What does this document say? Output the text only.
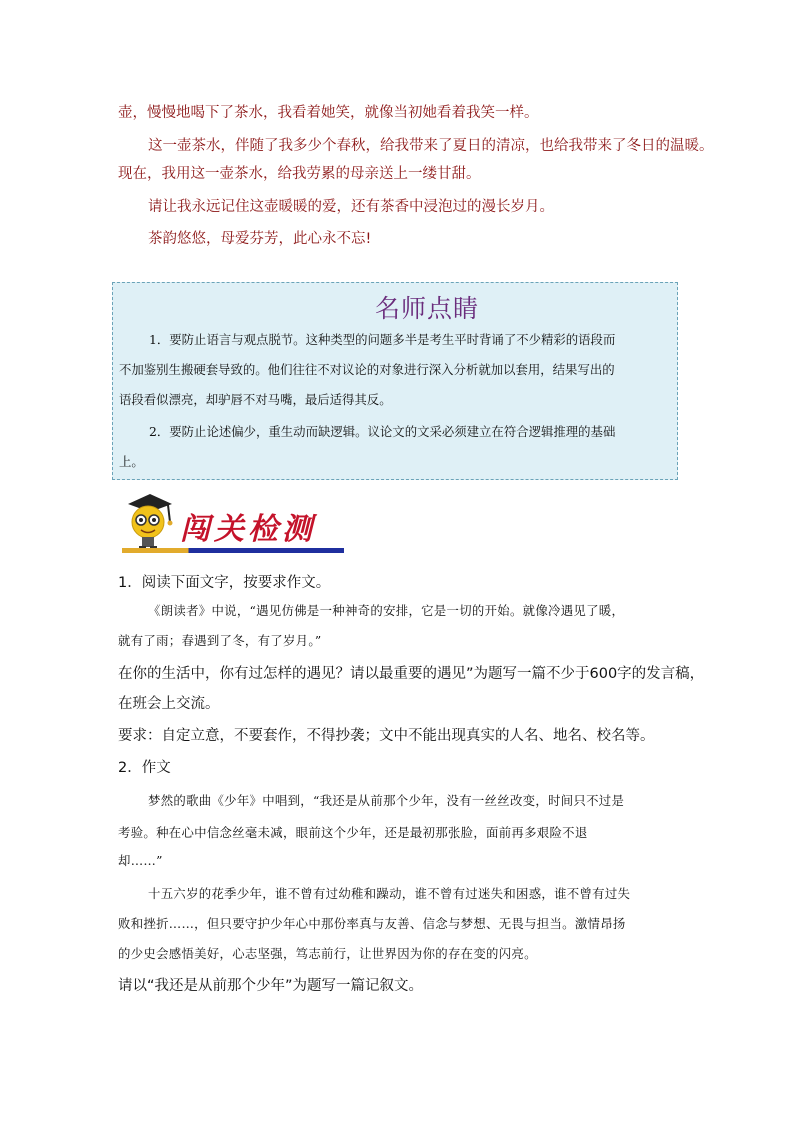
壶，慢慢地喝下了茶水，我看着她笑，就像当初她看着我笑一样。

这一壶茶水，伴随了我多少个春秋，给我带来了夏日的清凉，也给我带来了冬日的温暖。

现在，我用这一壶茶水，给我劳累的母亲送上一缕甘甜。

请让我永远记住这壶暖暖的爱，还有茶香中浸泡过的漫长岁月。

茶韵悠悠，母爱芬芳，此心永不忘!

名师点睛

1．要防止语言与观点脱节。这种类型的问题多半是考生平时背诵了不少精彩的语段而

不加鉴别生搬硬套导致的。他们往往不对议论的对象进行深入分析就加以套用，结果写出的

语段看似漂亮，却驴唇不对马嘴，最后适得其反。

2．要防止论述偏少，重生动而缺逻辑。议论文的文采必须建立在符合逻辑推理的基础

上。

闯关检测

1．阅读下面文字，按要求作文。

《朗读者》中说，“遇见仿佛是一种神奇的安排，它是一切的开始。就像冷遇见了暖，

就有了雨；春遇到了冬，有了岁月。”

在你的生活中，你有过怎样的遇见？请以最重要的遇见”为题写一篇不少于600字的发言稿，

在班会上交流。

要求：自定立意，不要套作，不得抄袭；文中不能出现真实的人名、地名、校名等。

2．作文

梦然的歌曲《少年》中唱到，“我还是从前那个少年，没有一丝丝改变，时间只不过是

考验。种在心中信念丝毫未减，眼前这个少年，还是最初那张脸，面前再多艰险不退

却……”

十五六岁的花季少年，谁不曾有过幼稚和躁动，谁不曾有过迷失和困惑，谁不曾有过失

败和挫折……，但只要守护少年心中那份率真与友善、信念与梦想、无畏与担当。激情昂扬

的少史会感悟美好，心志坚强，笃志前行，让世界因为你的存在变的闪亮。

请以“我还是从前那个少年”为题写一篇记叙文。
